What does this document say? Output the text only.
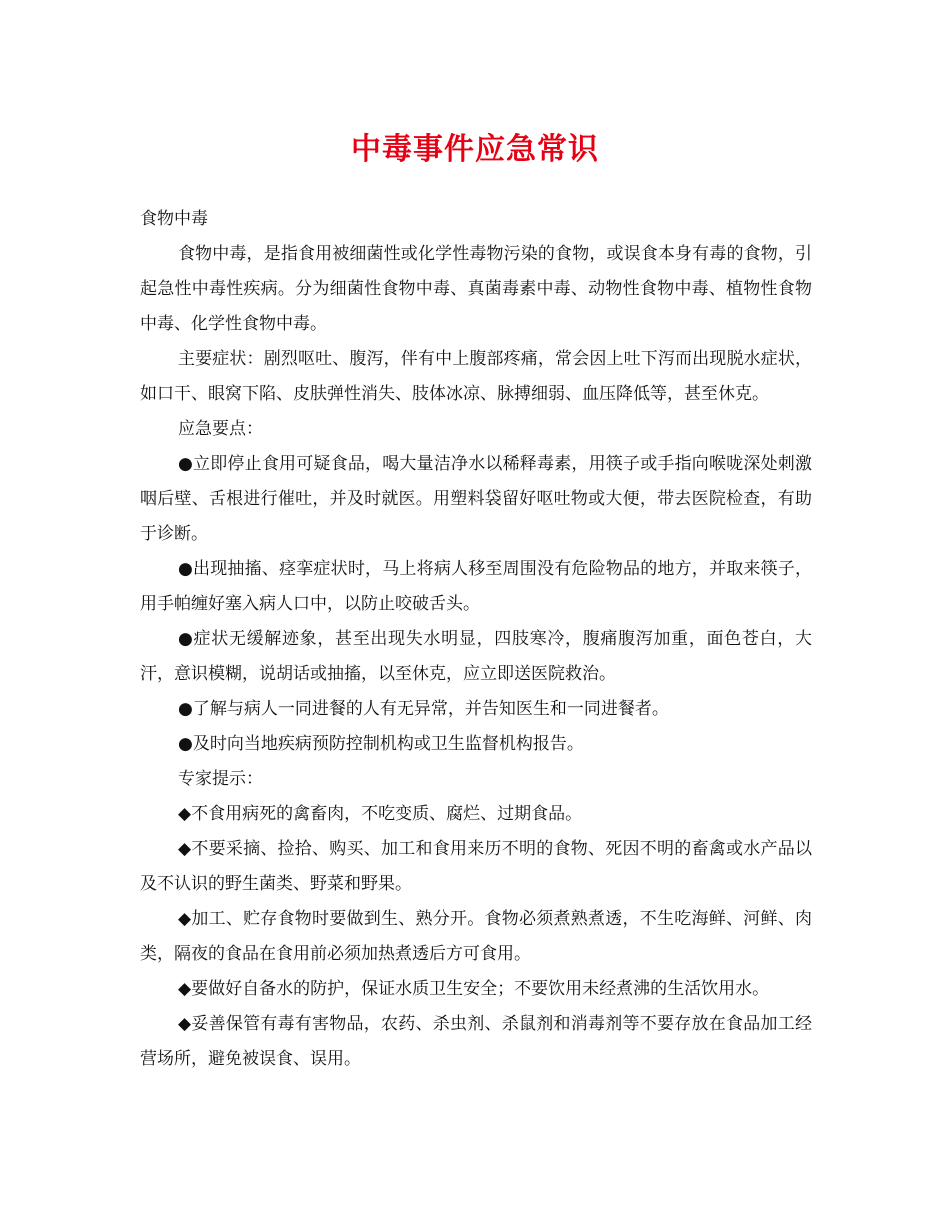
中毒事件应急常识

食物中毒

食物中毒，是指食用被细菌性或化学性毒物污染的食物，或误食本身有毒的食物，引起急性中毒性疾病。分为细菌性食物中毒、真菌毒素中毒、动物性食物中毒、植物性食物中毒、化学性食物中毒。

主要症状：剧烈呕吐、腹泻，伴有中上腹部疼痛，常会因上吐下泻而出现脱水症状，如口干、眼窝下陷、皮肤弹性消失、肢体冰凉、脉搏细弱、血压降低等，甚至休克。

应急要点：

●立即停止食用可疑食品，喝大量洁净水以稀释毒素，用筷子或手指向喉咙深处刺激咽后壁、舌根进行催吐，并及时就医。用塑料袋留好呕吐物或大便，带去医院检查，有助于诊断。

●出现抽搐、痉挛症状时，马上将病人移至周围没有危险物品的地方，并取来筷子，用手帕缠好塞入病人口中，以防止咬破舌头。

●症状无缓解迹象，甚至出现失水明显，四肢寒冷，腹痛腹泻加重，面色苍白，大汗，意识模糊，说胡话或抽搐，以至休克，应立即送医院救治。

●了解与病人一同进餐的人有无异常，并告知医生和一同进餐者。

●及时向当地疾病预防控制机构或卫生监督机构报告。

专家提示：

◆不食用病死的禽畜肉，不吃变质、腐烂、过期食品。

◆不要采摘、捡拾、购买、加工和食用来历不明的食物、死因不明的畜禽或水产品以及不认识的野生菌类、野菜和野果。

◆加工、贮存食物时要做到生、熟分开。食物必须煮熟煮透，不生吃海鲜、河鲜、肉类，隔夜的食品在食用前必须加热煮透后方可食用。

◆要做好自备水的防护，保证水质卫生安全；不要饮用未经煮沸的生活饮用水。

◆妥善保管有毒有害物品，农药、杀虫剂、杀鼠剂和消毒剂等不要存放在食品加工经营场所，避免被误食、误用。
